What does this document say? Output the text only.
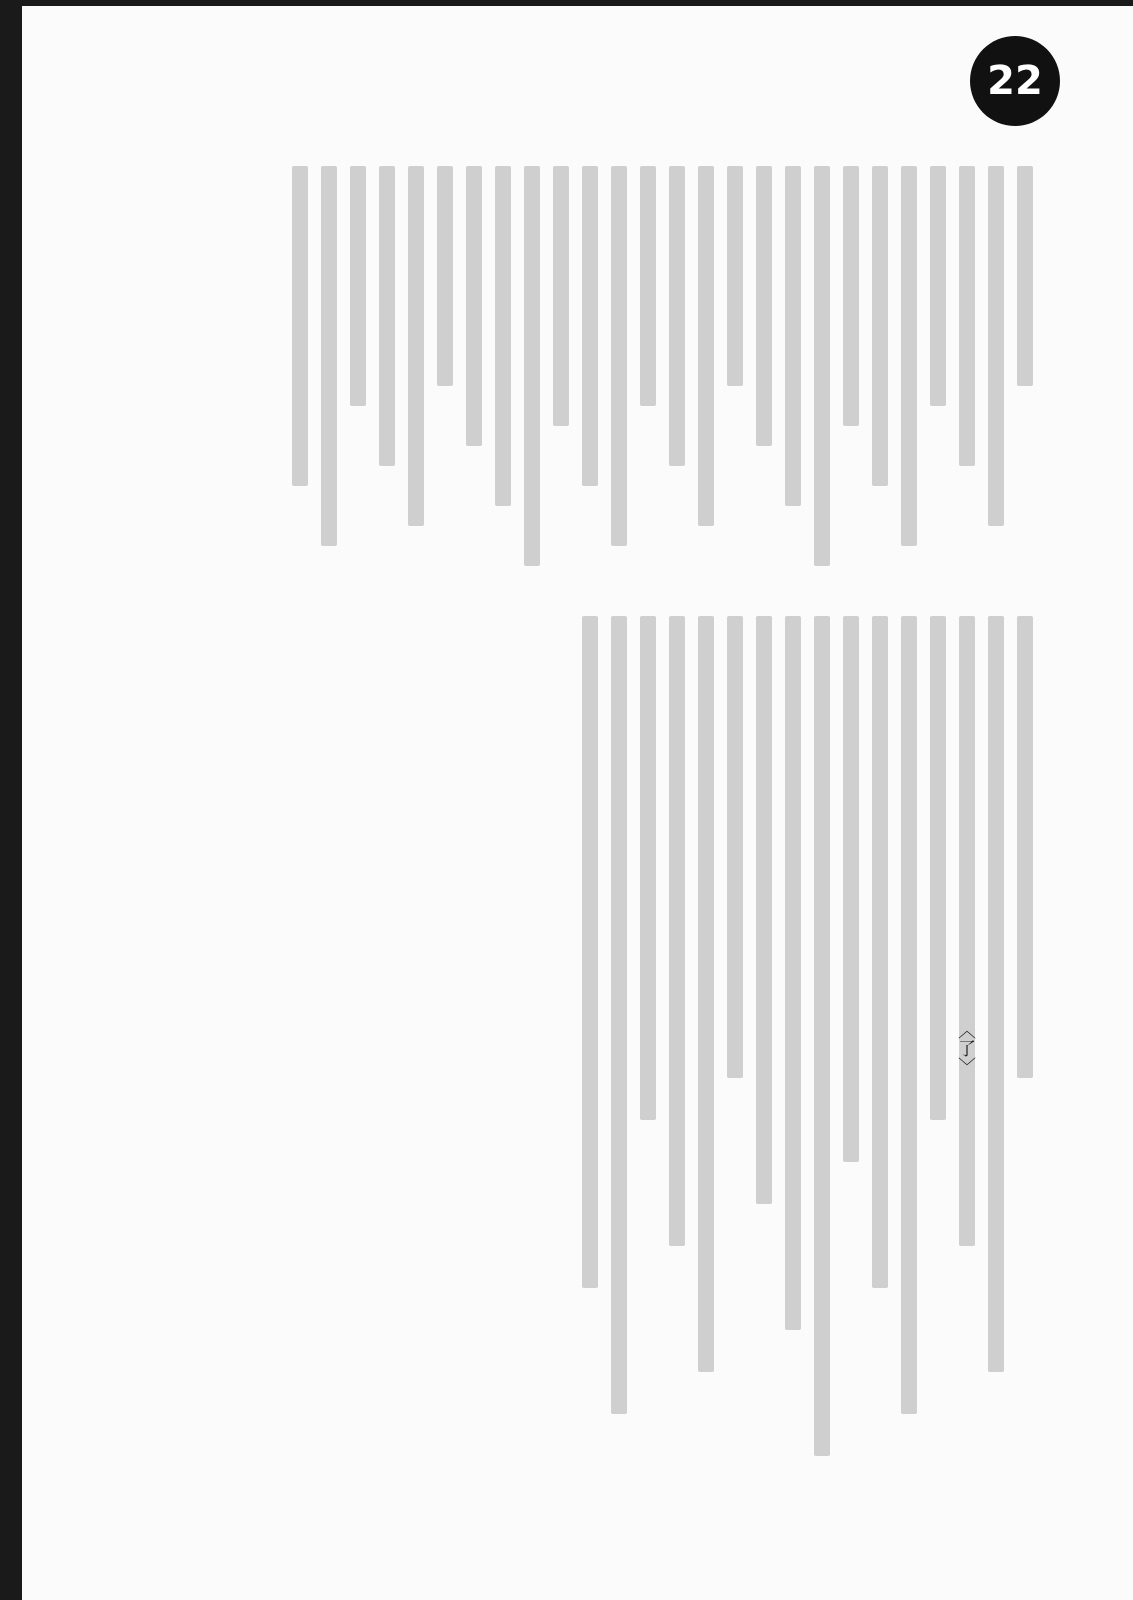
22
〈了〉
